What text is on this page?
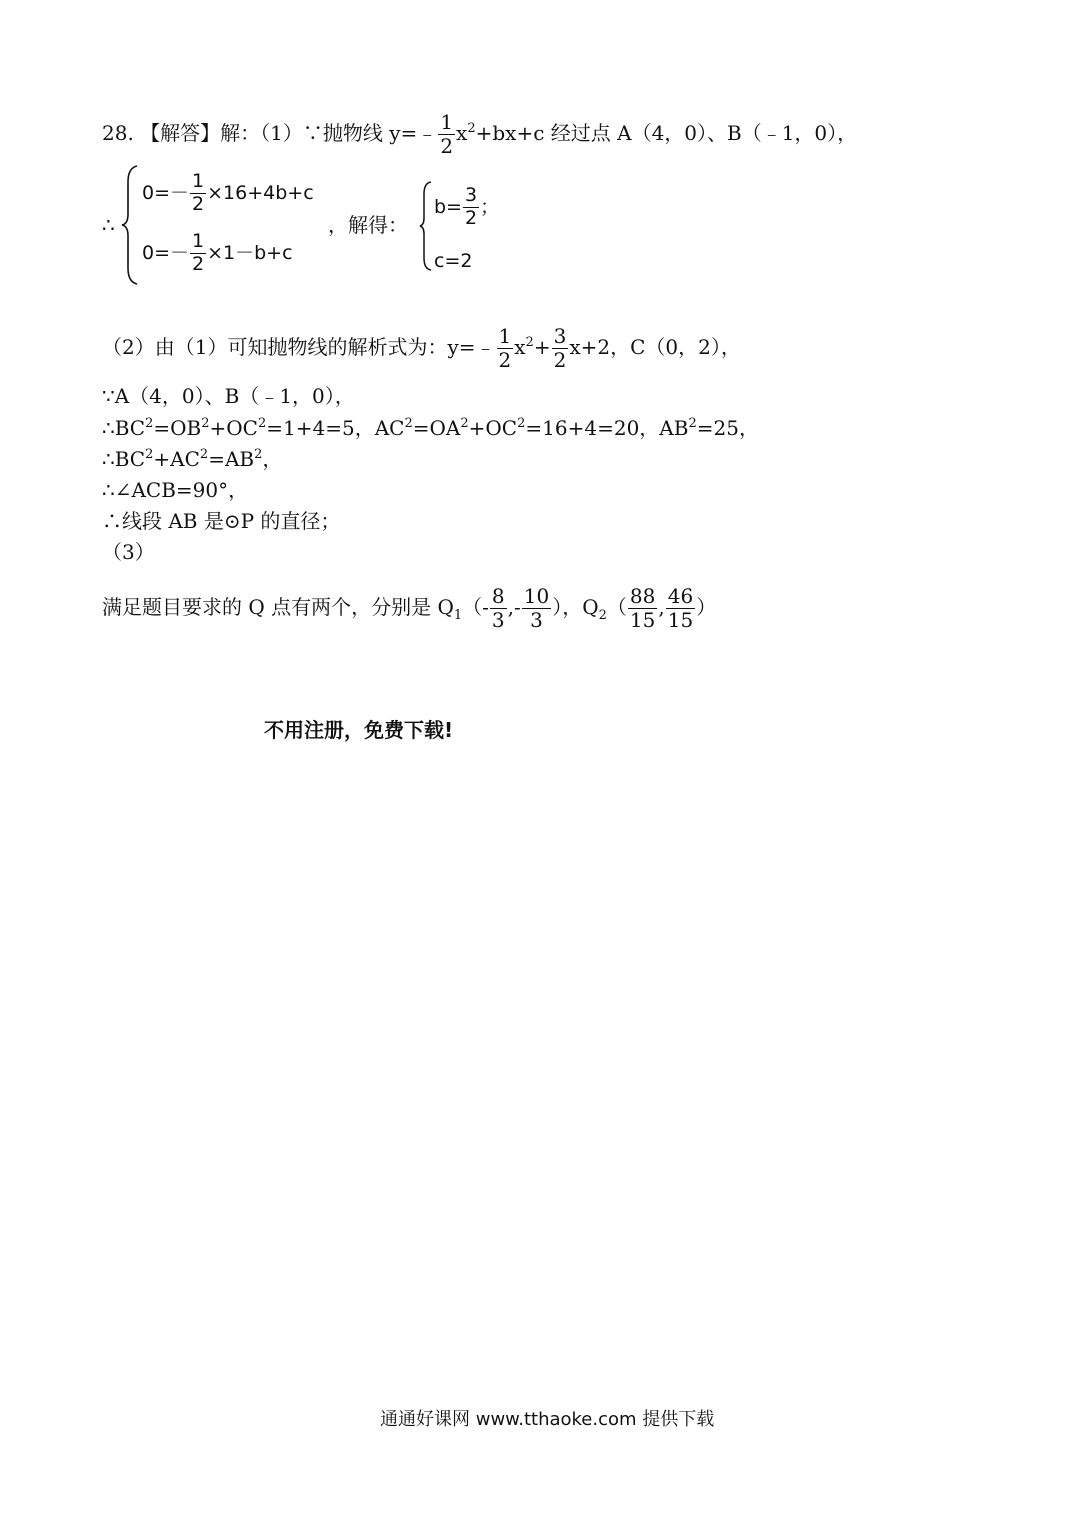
28. 【解答】解：（1）∵抛物线 y=﹣ $\frac{1}{2} x^2+bx+c$ 经过点 A（4，0）、B（﹣1，0），
∴
$0=- \frac{1}{2} \times 16+4b+c$
$0=- \frac{1}{2} \times 1-b+c$
，解得：
$b= \frac{3}{2}$ ；
c=2
（2）由（1）可知抛物线的解析式为：y=﹣ $\frac{1}{2} x^2+ \frac{3}{2} x+2$，C（0，2），
∵A（4，0）、B（﹣1，0），
$\therefore BC^2=OB^2+OC^2=1+4=5$，$AC^2=OA^2+OC^2=16+4=20$，$AB^2=25$，
$\therefore BC^2+AC^2=AB^2$，
∴∠ACB=90°，
∴线段 AB 是⊙P 的直径；
（3）
满足题目要求的 Q 点有两个，分别是 $Q_1(- \frac{8}{3}$ ,- $\frac{10}{3}$ ），$Q_2( \frac{88}{15}$ , $\frac{46}{15}$ ）
不用注册，免费下载!
通通好课网 www.tthaoke.com 提供下载
